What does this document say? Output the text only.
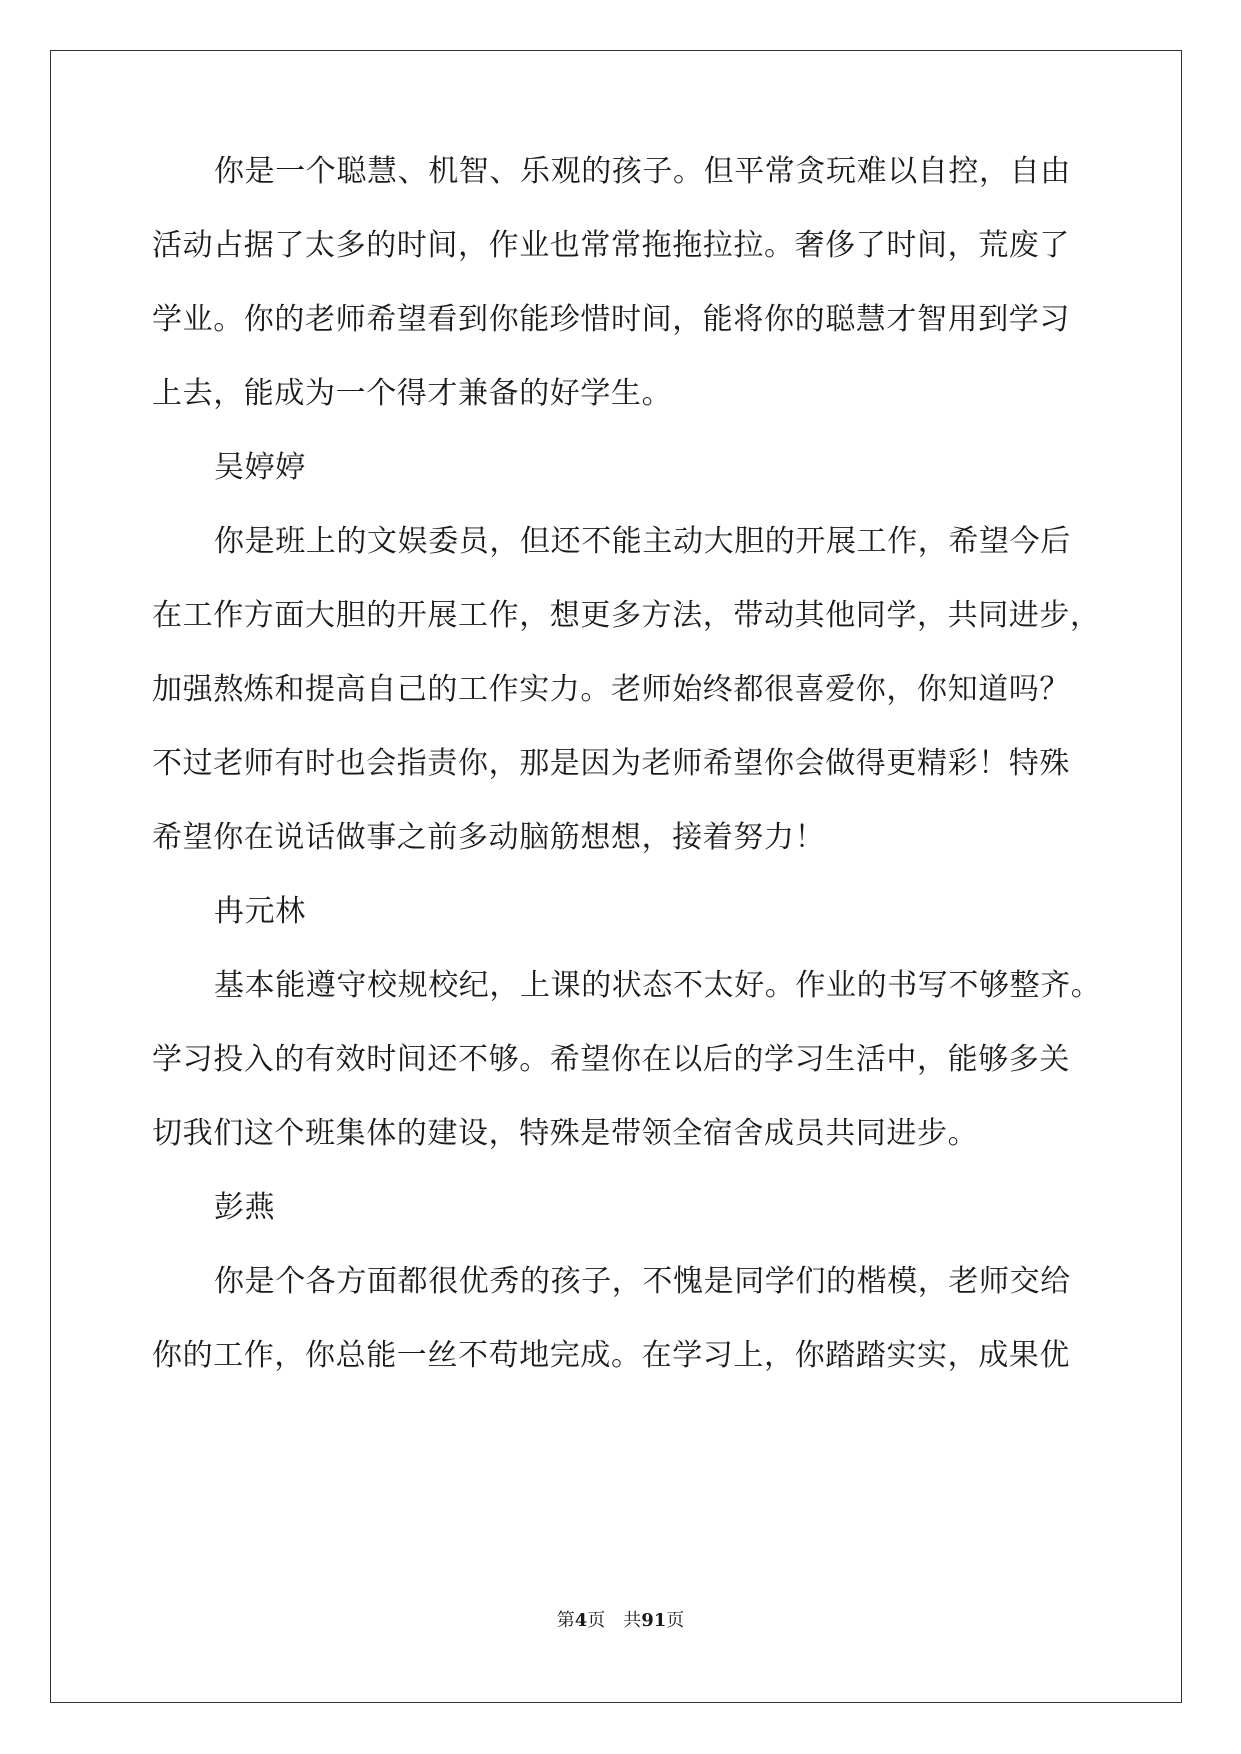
你是一个聪慧、机智、乐观的孩子。但平常贪玩难以自控，自由
活动占据了太多的时间，作业也常常拖拖拉拉。奢侈了时间，荒废了
学业。你的老师希望看到你能珍惜时间，能将你的聪慧才智用到学习
上去，能成为一个得才兼备的好学生。
吴婷婷
你是班上的文娱委员，但还不能主动大胆的开展工作，希望今后
在工作方面大胆的开展工作，想更多方法，带动其他同学，共同进步，
加强熬炼和提高自己的工作实力。老师始终都很喜爱你，你知道吗？
不过老师有时也会指责你，那是因为老师希望你会做得更精彩！特殊
希望你在说话做事之前多动脑筋想想，接着努力！
冉元林
基本能遵守校规校纪，上课的状态不太好。作业的书写不够整齐。
学习投入的有效时间还不够。希望你在以后的学习生活中，能够多关
切我们这个班集体的建设，特殊是带领全宿舍成员共同进步。
彭燕
你是个各方面都很优秀的孩子，不愧是同学们的楷模，老师交给
你的工作，你总能一丝不苟地完成。在学习上，你踏踏实实，成果优
第4页 共91页
